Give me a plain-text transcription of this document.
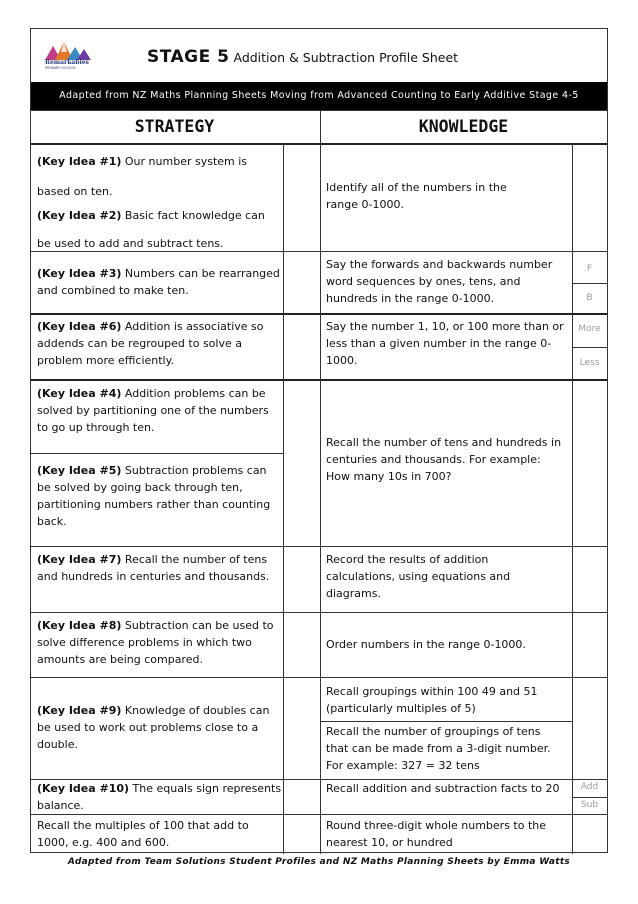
Remarkables
PRIMARY SCHOOL
STAGE 5 Addition & Subtraction Profile Sheet
Adapted from NZ Maths Planning Sheets Moving from Advanced Counting to Early Additive Stage 4-5
STRATEGY	KNOWLEDGE
(Key Idea #1) Our number system is based on ten.
(Key Idea #2) Basic fact knowledge can be used to add and subtract tens.
(Key Idea #3) Numbers can be rearranged and combined to make ten.
(Key Idea #6) Addition is associative so addends can be regrouped to solve a problem more efficiently.
(Key Idea #4) Addition problems can be solved by partitioning one of the numbers to go up through ten.
(Key Idea #5) Subtraction problems can be solved by going back through ten, partitioning numbers rather than counting back.
(Key Idea #7) Recall the number of tens and hundreds in centuries and thousands.
(Key Idea #8) Subtraction can be used to solve difference problems in which two amounts are being compared.
(Key Idea #9) Knowledge of doubles can be used to work out problems close to a double.
(Key Idea #10) The equals sign represents balance.
Recall the multiples of 100 that add to 1000, e.g. 400 and 600.
Identify all of the numbers in the range 0-1000.
Say the forwards and backwards number word sequences by ones, tens, and hundreds in the range 0-1000.
Say the number 1, 10, or 100 more than or less than a given number in the range 0-1000.
Recall the number of tens and hundreds in centuries and thousands. For example: How many 10s in 700?
Record the results of addition calculations, using equations and diagrams.
Order numbers in the range 0-1000.
Recall groupings within 100 49 and 51 (particularly multiples of 5)
Recall the number of groupings of tens that can be made from a 3-digit number. For example: 327 = 32 tens
Recall addition and subtraction facts to 20
Round three-digit whole numbers to the nearest 10, or hundred
F
B
More
Less
Add
Sub
Adapted from Team Solutions Student Profiles and NZ Maths Planning Sheets by Emma Watts
